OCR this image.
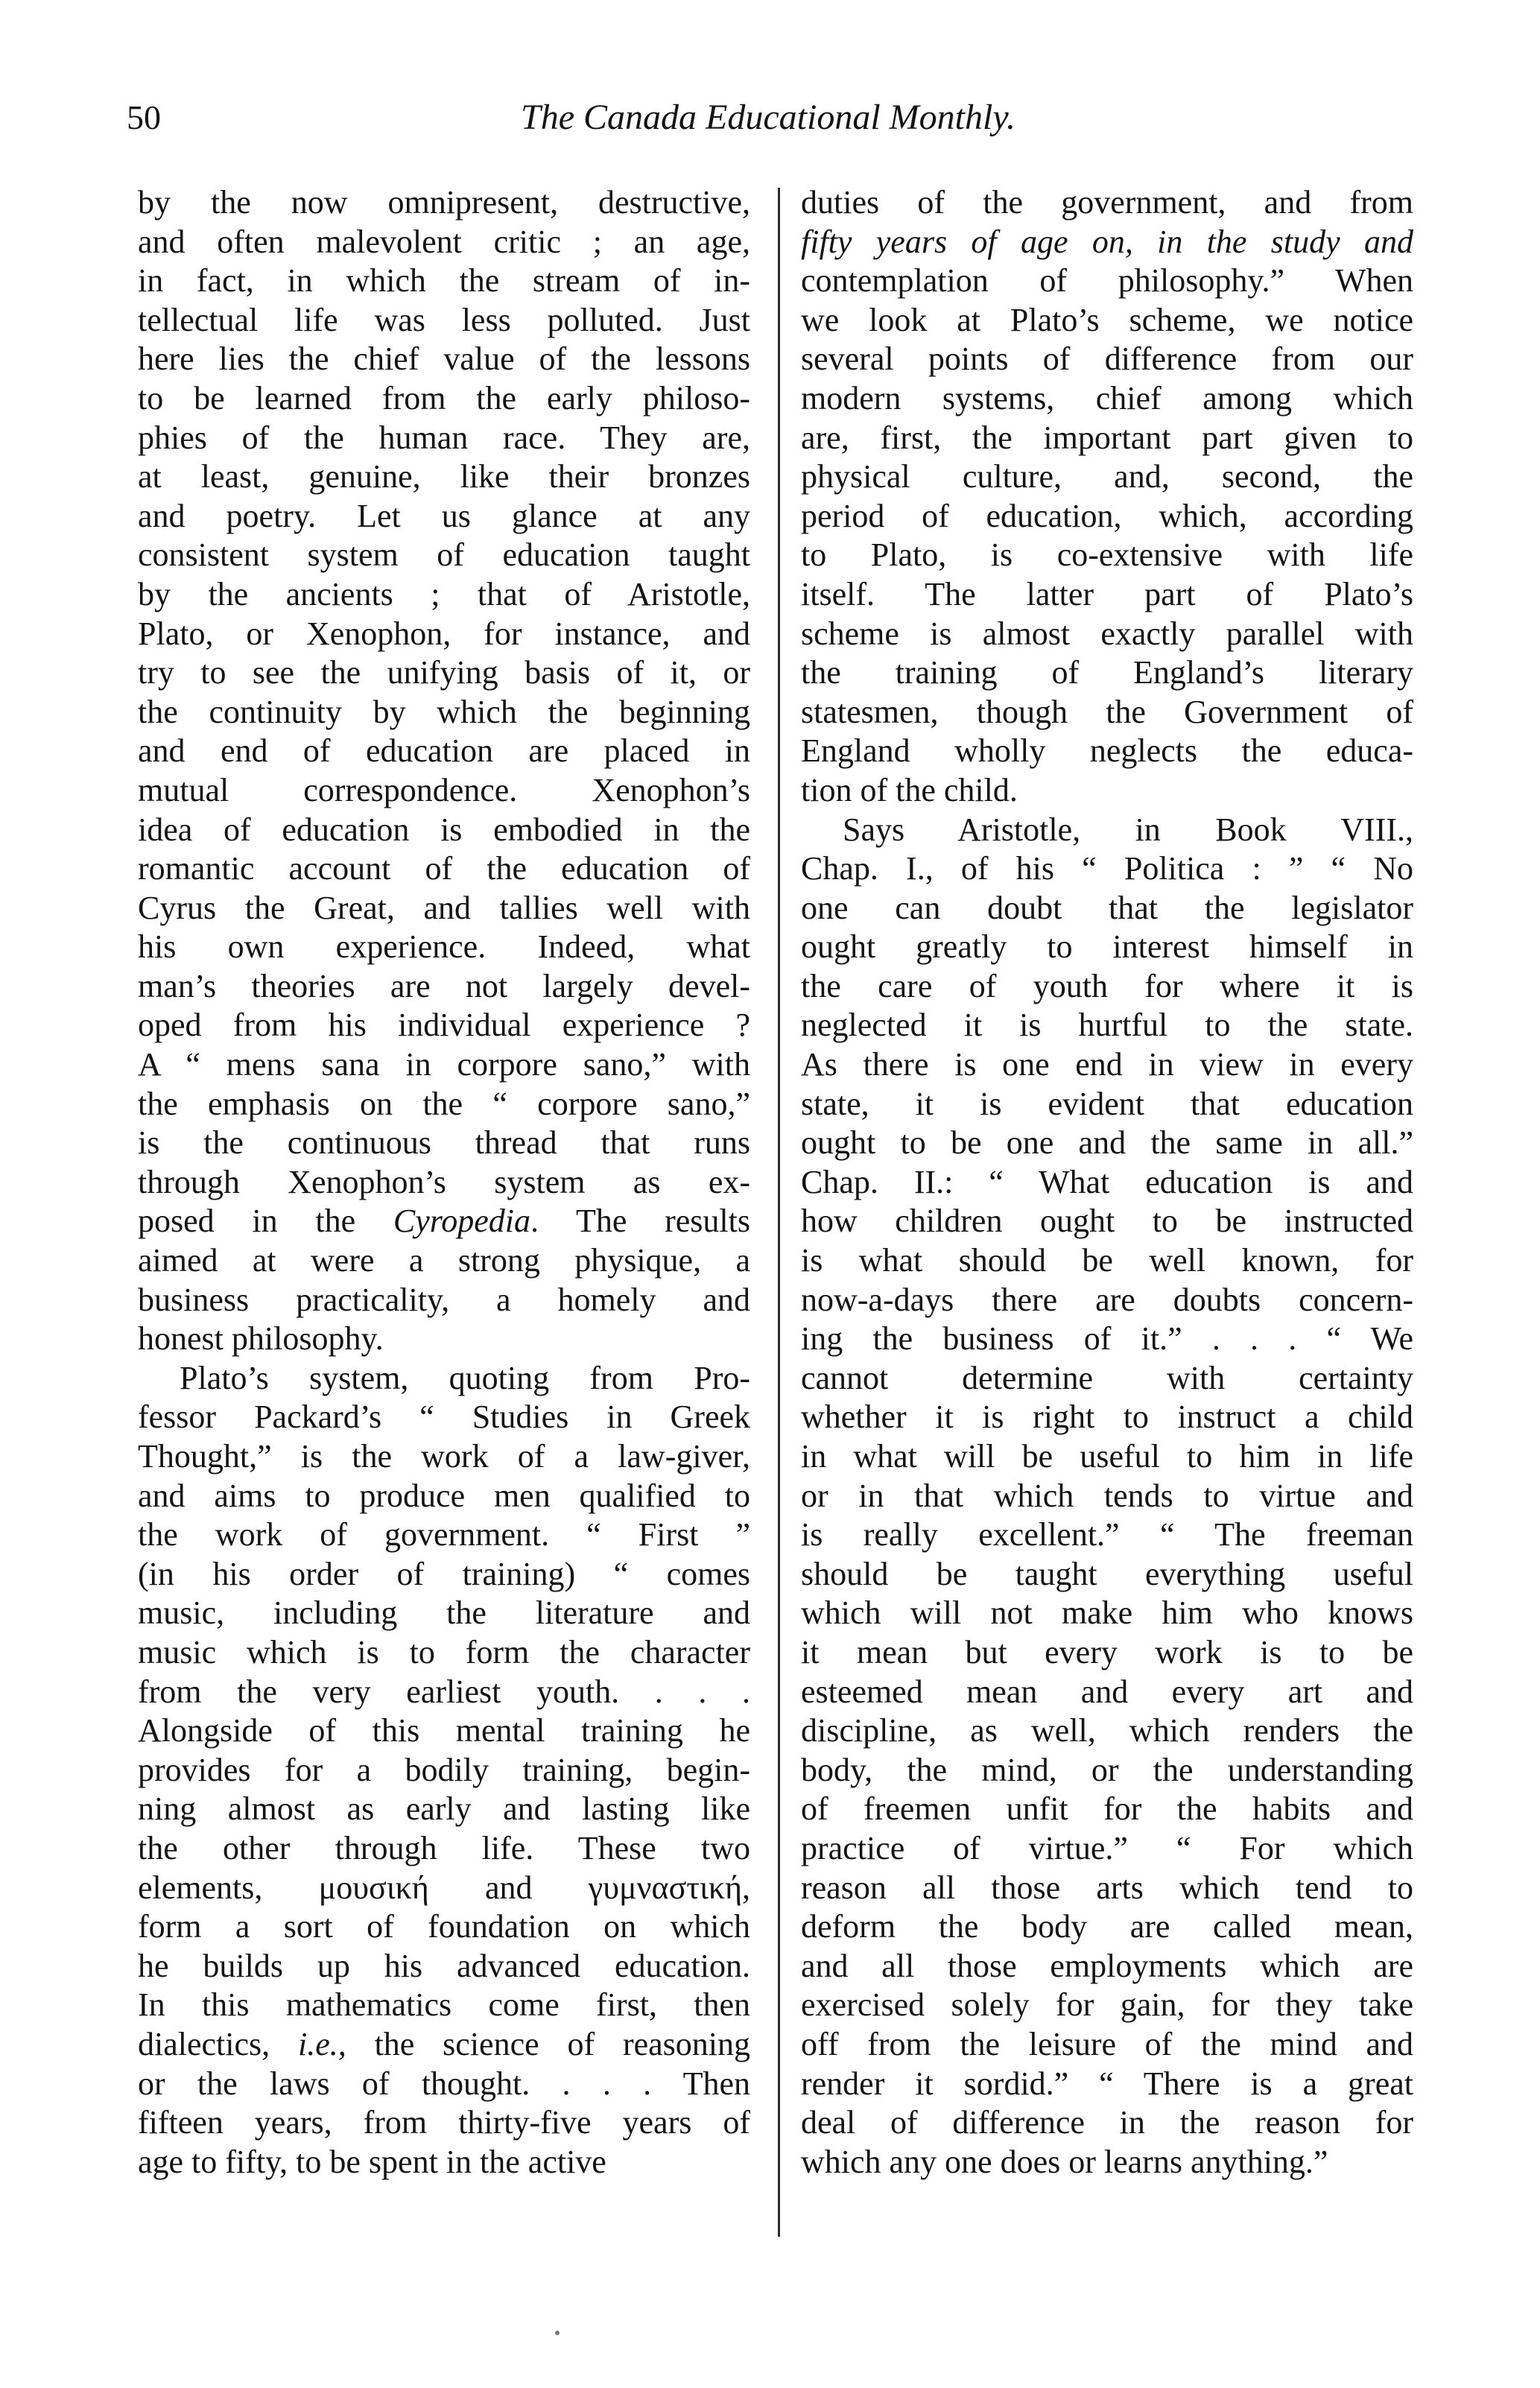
50	The Canada Educational Monthly.
by the now omnipresent, destructive,
and often malevolent critic ; an age,
in fact, in which the stream of in-
tellectual life was less polluted. Just
here lies the chief value of the lessons
to be learned from the early philoso-
phies of the human race. They are,
at least, genuine, like their bronzes
and poetry. Let us glance at any
consistent system of education taught
by the ancients ; that of Aristotle,
Plato, or Xenophon, for instance, and
try to see the unifying basis of it, or
the continuity by which the beginning
and end of education are placed in
mutual correspondence. Xenophon’s
idea of education is embodied in the
romantic account of the education of
Cyrus the Great, and tallies well with
his own experience. Indeed, what
man’s theories are not largely devel-
oped from his individual experience ?
A “ mens sana in corpore sano,” with
the emphasis on the “ corpore sano,”
is the continuous thread that runs
through Xenophon’s system as ex-
posed in the Cyropedia. The results
aimed at were a strong physique, a
business practicality, a homely and
honest philosophy.
Plato’s system, quoting from Pro-
fessor Packard’s “ Studies in Greek
Thought,” is the work of a law-giver,
and aims to produce men qualified to
the work of government. “ First ”
(in his order of training) “ comes
music, including the literature and
music which is to form the character
from the very earliest youth. . . .
Alongside of this mental training he
provides for a bodily training, begin-
ning almost as early and lasting like
the other through life. These two
elements, μουσική and γυμναστική,
form a sort of foundation on which
he builds up his advanced education.
In this mathematics come first, then
dialectics, i.e., the science of reasoning
or the laws of thought. . . . Then
fifteen years, from thirty-five years of
age to fifty, to be spent in the active
duties of the government, and from
fifty years of age on, in the study and
contemplation of philosophy.” When
we look at Plato’s scheme, we notice
several points of difference from our
modern systems, chief among which
are, first, the important part given to
physical culture, and, second, the
period of education, which, according
to Plato, is co-extensive with life
itself. The latter part of Plato’s
scheme is almost exactly parallel with
the training of England’s literary
statesmen, though the Government of
England wholly neglects the educa-
tion of the child.
Says Aristotle, in Book VIII.,
Chap. I., of his “ Politica : ” “ No
one can doubt that the legislator
ought greatly to interest himself in
the care of youth for where it is
neglected it is hurtful to the state.
As there is one end in view in every
state, it is evident that education
ought to be one and the same in all.”
Chap. II.: “ What education is and
how children ought to be instructed
is what should be well known, for
now-a-days there are doubts concern-
ing the business of it.” . . . “ We
cannot determine with certainty
whether it is right to instruct a child
in what will be useful to him in life
or in that which tends to virtue and
is really excellent.” “ The freeman
should be taught everything useful
which will not make him who knows
it mean but every work is to be
esteemed mean and every art and
discipline, as well, which renders the
body, the mind, or the understanding
of freemen unfit for the habits and
practice of virtue.” “ For which
reason all those arts which tend to
deform the body are called mean,
and all those employments which are
exercised solely for gain, for they take
off from the leisure of the mind and
render it sordid.” “ There is a great
deal of difference in the reason for
which any one does or learns anything.”
